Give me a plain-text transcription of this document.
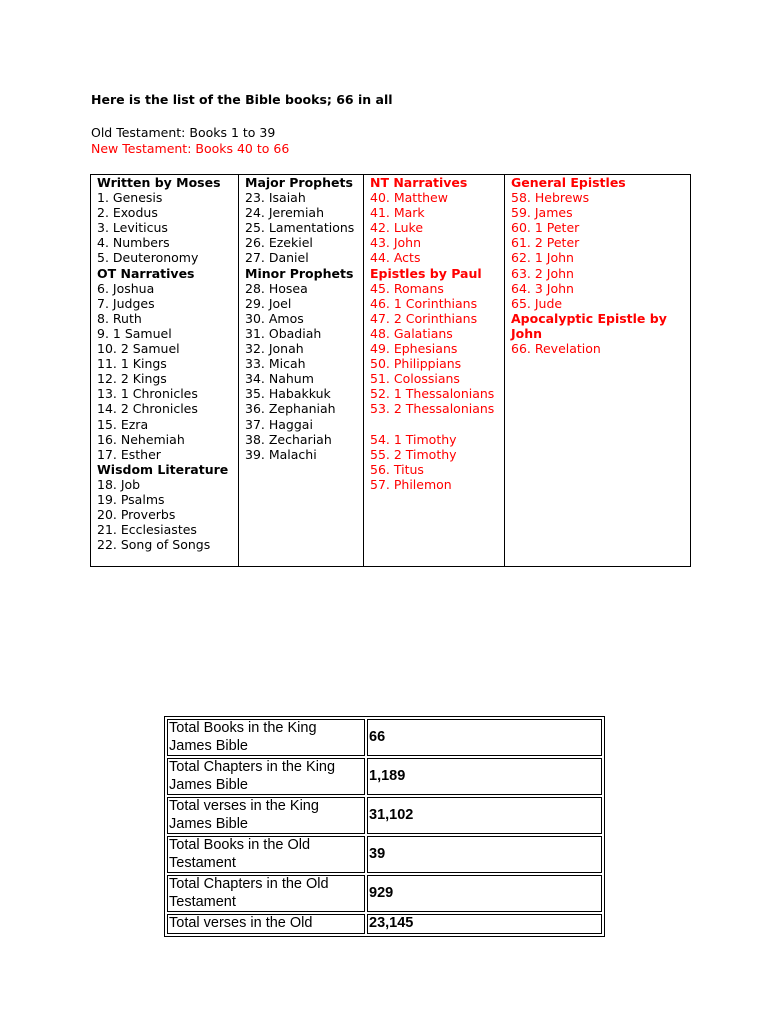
Here is the list of the Bible books; 66 in all
Old Testament: Books 1 to 39
New Testament: Books 40 to 66
Written by Moses
1. Genesis
2. Exodus
3. Leviticus
4. Numbers
5. Deuteronomy
OT Narratives
6. Joshua
7. Judges
8. Ruth
9. 1 Samuel
10. 2 Samuel
11. 1 Kings
12. 2 Kings
13. 1 Chronicles
14. 2 Chronicles
15. Ezra
16. Nehemiah
17. Esther
Wisdom Literature
18. Job
19. Psalms
20. Proverbs
21. Ecclesiastes
22. Song of Songs

Major Prophets
23. Isaiah
24. Jeremiah
25. Lamentations
26. Ezekiel
27. Daniel
Minor Prophets
28. Hosea
29. Joel
30. Amos
31. Obadiah
32. Jonah
33. Micah
34. Nahum
35. Habakkuk
36. Zephaniah
37. Haggai
38. Zechariah
39. Malachi

NT Narratives
40. Matthew
41. Mark
42. Luke
43. John
44. Acts
Epistles by Paul
45. Romans
46. 1 Corinthians
47. 2 Corinthians
48. Galatians
49. Ephesians
50. Philippians
51. Colossians
52. 1 Thessalonians
53. 2 Thessalonians
54. 1 Timothy
55. 2 Timothy
56. Titus
57. Philemon

General Epistles
58. Hebrews
59. James
60. 1 Peter
61. 2 Peter
62. 1 John
63. 2 John
64. 3 John
65. Jude
Apocalyptic Epistle by John
66. Revelation
Total Books in the King James Bible	66
Total Chapters in the King James Bible	1,189
Total verses in the King James Bible	31,102
Total Books in the Old Testament	39
Total Chapters in the Old Testament	929
Total verses in the Old	23,145
